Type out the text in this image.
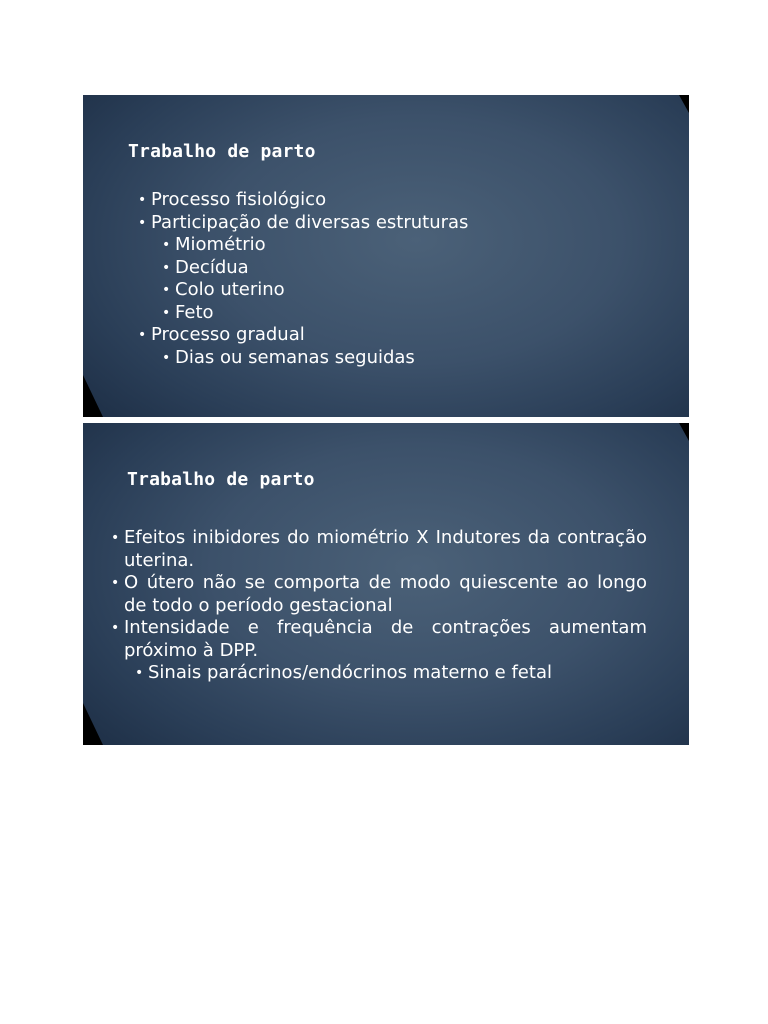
Trabalho de parto
• Processo fisiológico
• Participação de diversas estruturas
• Miométrio
• Decídua
• Colo uterino
• Feto
• Processo gradual
• Dias ou semanas seguidas
Trabalho de parto
• Efeitos inibidores do miométrio X Indutores da contração uterina.
• O útero não se comporta de modo quiescente ao longo de todo o período gestacional
• Intensidade e frequência de contrações aumentam próximo à DPP.
• Sinais parácrinos/endócrinos materno e fetal
